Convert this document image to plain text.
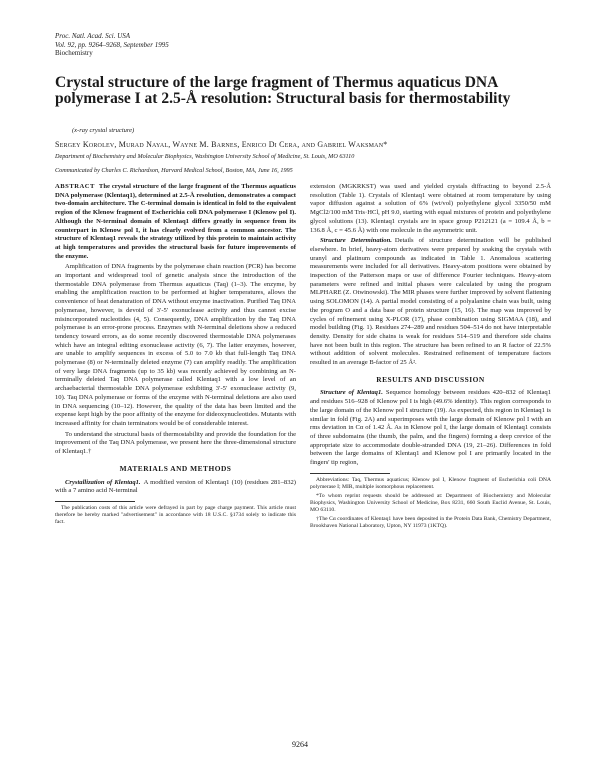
Proc. Natl. Acad. Sci. USA
Vol. 92, pp. 9264–9268, September 1995
Biochemistry
Crystal structure of the large fragment of Thermus aquaticus DNA polymerase I at 2.5-Å resolution: Structural basis for thermostability
(x-ray crystal structure)
Sergey Korolev, Murad Nayal, Wayne M. Barnes, Enrico Di Cera, and Gabriel Waksman*
Department of Biochemistry and Molecular Biophysics, Washington University School of Medicine, St. Louis, MO 63110
Communicated by Charles C. Richardson, Harvard Medical School, Boston, MA, June 16, 1995

ABSTRACT The crystal structure of the large fragment of the Thermus aquaticus DNA polymerase (Klentaq1), determined at 2.5-Å resolution, demonstrates a compact two-domain architecture. The C-terminal domain is identical in fold to the equivalent region of the Klenow fragment of Escherichia coli DNA polymerase I (Klenow pol I). Although the N-terminal domain of Klentaq1 differs greatly in sequence from its counterpart in Klenow pol I, it has clearly evolved from a common ancestor. The structure of Klentaq1 reveals the strategy utilized by this protein to maintain activity at high temperatures and provides the structural basis for future improvements of the enzyme.

Amplification of DNA fragments by the polymerase chain reaction (PCR) has become an important and widespread tool of genetic analysis since the introduction of the thermostable DNA polymerase from Thermus aquaticus (Taq) (1–3). The enzyme, by enabling the amplification reaction to be performed at higher temperatures, allows the convenience of heat denaturation of DNA without enzyme inactivation. Purified Taq DNA polymerase, however, is devoid of 3′-5′ exonuclease activity and thus cannot excise misincorporated nucleotides (4, 5). Consequently, DNA amplification by the Taq DNA polymerase is an error-prone process. Enzymes with N-terminal deletions show a reduced tendency toward errors, as do some recently discovered thermostable DNA polymerases which have an integral editing exonuclease activity (6, 7). The latter enzymes, however, are unable to amplify sequences in excess of 5.0 to 7.0 kb that full-length Taq DNA polymerase (8) or N-terminally deleted enzyme (7) can amplify readily. The amplification of very large DNA fragments (up to 35 kb) was recently achieved by combining an N-terminally deleted Taq DNA polymerase called Klentaq1 with a low level of an archaebacterial thermostable DNA polymerase exhibiting 3′-5′ exonuclease activity (9, 10). Taq DNA polymerase or forms of the enzyme with N-terminal deletions are also used in DNA sequencing (10–12). However, the quality of the data has been limited and the expense kept high by the poor affinity of the enzyme for dideoxynucleotides. Mutants with increased affinity for chain terminators would be of considerable interest.

To understand the structural basis of thermostability and provide the foundation for the improvement of the Taq DNA polymerase, we present here the three-dimensional structure of Klentaq1.†

MATERIALS AND METHODS

Crystallization of Klentaq1. A modified version of Klentaq1 (10) (residues 281–832) with a 7 amino acid N-terminal

The publication costs of this article were defrayed in part by page charge payment. This article must therefore be hereby marked "advertisement" in accordance with 18 U.S.C. §1734 solely to indicate this fact.

extension (MGKRKST) was used and yielded crystals diffracting to beyond 2.5-Å resolution (Table 1). Crystals of Klentaq1 were obtained at room temperature by using vapor diffusion against a solution of 6% (wt/vol) polyethylene glycol 3350/50 mM MgCl2/100 mM Tris·HCl, pH 9.0, starting with equal mixtures of protein and polyethylene glycol solutions (13). Klentaq1 crystals are in space group P212121 (a = 109.4 Å, b = 136.8 Å, c = 45.6 Å) with one molecule in the asymmetric unit.

Structure Determination. Details of structure determination will be published elsewhere. In brief, heavy-atom derivatives were prepared by soaking the crystals with uranyl and platinum compounds as indicated in Table 1. Anomalous scattering measurements were included for all derivatives. Heavy-atom positions were obtained by inspection of the Patterson maps or use of difference Fourier techniques. Heavy-atom parameters were refined and initial phases were calculated by using the program MLPHARE (Z. Otwinowski). The MIR phases were further improved by solvent flattening using SOLOMON (14). A partial model consisting of a polyalanine chain was built, using the program O and a data base of protein structure (15, 16). The map was improved by cycles of refinement using X-PLOR (17), phase combination using SIGMAA (18), and model building (Fig. 1). Residues 274–289 and residues 504–514 do not have interpretable density. Density for side chains is weak for residues 514–519 and therefore side chains have not been built in this region. The structure has been refined to an R factor of 22.5% without addition of solvent molecules. Restrained refinement of temperature factors resulted in an average B-factor of 25 Å².

RESULTS AND DISCUSSION

Structure of Klentaq1. Sequence homology between residues 420–832 of Klentaq1 and residues 516–928 of Klenow pol I is high (49.6% identity). This region corresponds to the large domain of the Klenow pol I structure (19). As expected, this region in Klentaq1 is similar in fold (Fig. 2A) and superimposes with the large domain of Klenow pol I with an rms deviation in Cα of 1.42 Å. As in Klenow pol I, the large domain of Klentaq1 consists of three subdomains (the thumb, the palm, and the fingers) forming a deep crevice of the appropriate size to accommodate double-stranded DNA (19, 21–26). Differences in fold between the large domains of Klentaq1 and Klenow pol I are primarily located in the fingers' tip region,

Abbreviations: Taq, Thermus aquaticus; Klenow pol I, Klenow fragment of Escherichia coli DNA polymerase I; MIR, multiple isomorphous replacement.

*To whom reprint requests should be addressed at: Department of Biochemistry and Molecular Biophysics, Washington University School of Medicine, Box 8231, 660 South Euclid Avenue, St. Louis, MO 63110.

†The Cα coordinates of Klentaq1 have been deposited in the Protein Data Bank, Chemistry Department, Brookhaven National Laboratory, Upton, NY 11973 (1KTQ).

9264
